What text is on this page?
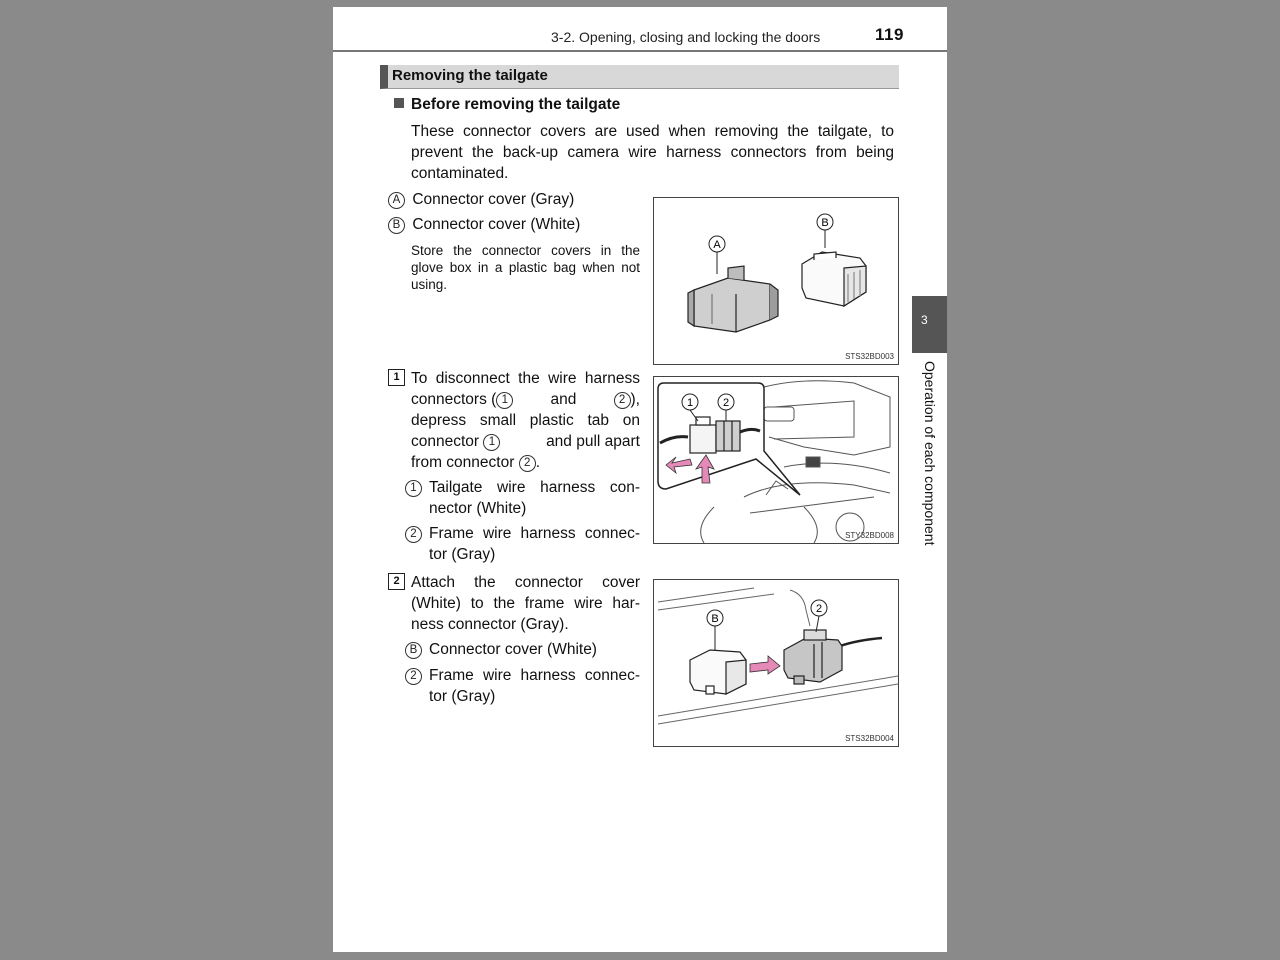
3-2. Opening, closing and locking the doors	119
Removing the tailgate
Before removing the tailgate
These connector covers are used when removing the tailgate, to
prevent the back-up camera wire harness connectors from being
contaminated.
A Connector cover (Gray)
B Connector cover (White)
Store the connector covers in the
glove box in a plastic bag when not
using.
A
B
STS32BD003
1 To disconnect the wire harness
connectors ( 1	and	2 ),
depress small plastic tab on
connector 1	and pull apart
from connector 2 .
1 Tailgate wire harness con-
nector (White)
2 Frame wire harness connec-
tor (Gray)
1	2
STY32BD008
2 Attach the connector cover
(White) to the frame wire har-
ness connector (Gray).
B Connector cover (White)
2 Frame wire harness connec-
tor (Gray)
B
2
STS32BD004
3
Operation of each component
